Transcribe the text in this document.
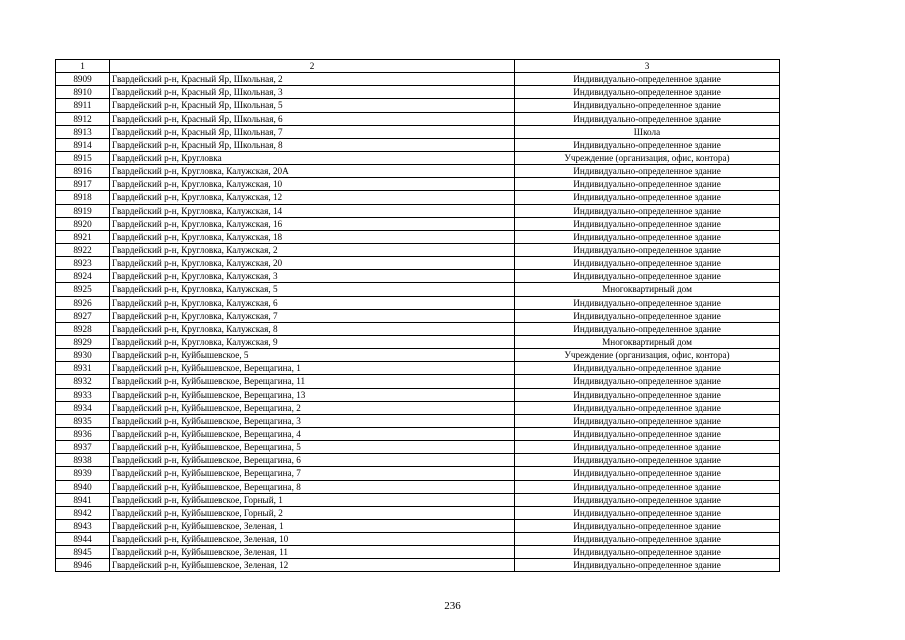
1	2	3
8909	Гвардейский р-н, Красный Яр, Школьная, 2	Индивидуально-определенное здание
8910	Гвардейский р-н, Красный Яр, Школьная, 3	Индивидуально-определенное здание
8911	Гвардейский р-н, Красный Яр, Школьная, 5	Индивидуально-определенное здание
8912	Гвардейский р-н, Красный Яр, Школьная, 6	Индивидуально-определенное здание
8913	Гвардейский р-н, Красный Яр, Школьная, 7	Школа
8914	Гвардейский р-н, Красный Яр, Школьная, 8	Индивидуально-определенное здание
8915	Гвардейский р-н, Кругловка	Учреждение (организация, офис, контора)
8916	Гвардейский р-н, Кругловка, Калужская, 20А	Индивидуально-определенное здание
8917	Гвардейский р-н, Кругловка, Калужская, 10	Индивидуально-определенное здание
8918	Гвардейский р-н, Кругловка, Калужская, 12	Индивидуально-определенное здание
8919	Гвардейский р-н, Кругловка, Калужская, 14	Индивидуально-определенное здание
8920	Гвардейский р-н, Кругловка, Калужская, 16	Индивидуально-определенное здание
8921	Гвардейский р-н, Кругловка, Калужская, 18	Индивидуально-определенное здание
8922	Гвардейский р-н, Кругловка, Калужская, 2	Индивидуально-определенное здание
8923	Гвардейский р-н, Кругловка, Калужская, 20	Индивидуально-определенное здание
8924	Гвардейский р-н, Кругловка, Калужская, 3	Индивидуально-определенное здание
8925	Гвардейский р-н, Кругловка, Калужская, 5	Многоквартирный дом
8926	Гвардейский р-н, Кругловка, Калужская, 6	Индивидуально-определенное здание
8927	Гвардейский р-н, Кругловка, Калужская, 7	Индивидуально-определенное здание
8928	Гвардейский р-н, Кругловка, Калужская, 8	Индивидуально-определенное здание
8929	Гвардейский р-н, Кругловка, Калужская, 9	Многоквартирный дом
8930	Гвардейский р-н, Куйбышевское, 5	Учреждение (организация, офис, контора)
8931	Гвардейский р-н, Куйбышевское, Верещагина, 1	Индивидуально-определенное здание
8932	Гвардейский р-н, Куйбышевское, Верещагина, 11	Индивидуально-определенное здание
8933	Гвардейский р-н, Куйбышевское, Верещагина, 13	Индивидуально-определенное здание
8934	Гвардейский р-н, Куйбышевское, Верещагина, 2	Индивидуально-определенное здание
8935	Гвардейский р-н, Куйбышевское, Верещагина, 3	Индивидуально-определенное здание
8936	Гвардейский р-н, Куйбышевское, Верещагина, 4	Индивидуально-определенное здание
8937	Гвардейский р-н, Куйбышевское, Верещагина, 5	Индивидуально-определенное здание
8938	Гвардейский р-н, Куйбышевское, Верещагина, 6	Индивидуально-определенное здание
8939	Гвардейский р-н, Куйбышевское, Верещагина, 7	Индивидуально-определенное здание
8940	Гвардейский р-н, Куйбышевское, Верещагина, 8	Индивидуально-определенное здание
8941	Гвардейский р-н, Куйбышевское, Горный, 1	Индивидуально-определенное здание
8942	Гвардейский р-н, Куйбышевское, Горный, 2	Индивидуально-определенное здание
8943	Гвардейский р-н, Куйбышевское, Зеленая, 1	Индивидуально-определенное здание
8944	Гвардейский р-н, Куйбышевское, Зеленая, 10	Индивидуально-определенное здание
8945	Гвардейский р-н, Куйбышевское, Зеленая, 11	Индивидуально-определенное здание
8946	Гвардейский р-н, Куйбышевское, Зеленая, 12	Индивидуально-определенное здание
236
